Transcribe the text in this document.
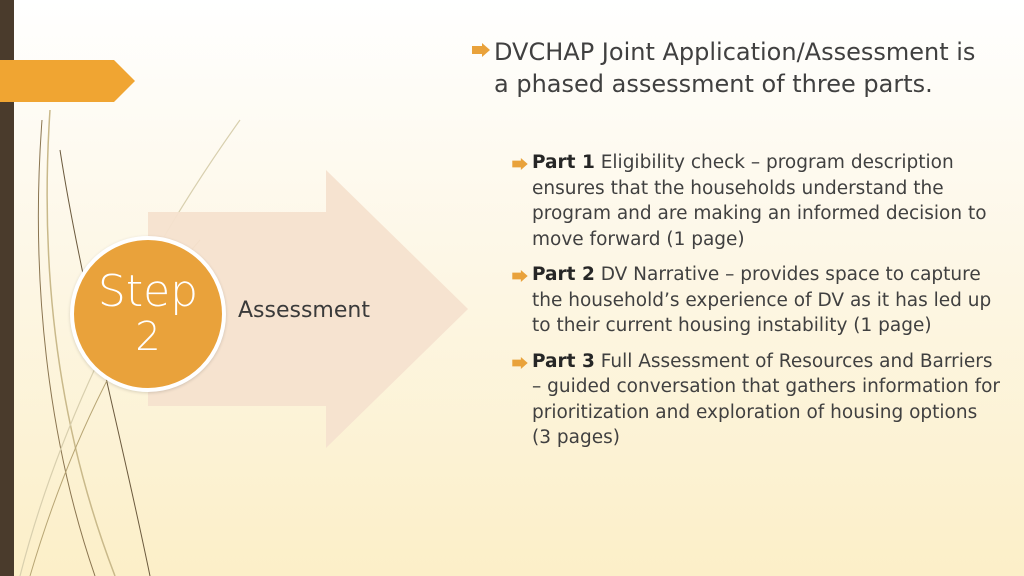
Step
2
Assessment
DVCHAP Joint Application/Assessment is a phased assessment of three parts.
Part 1 Eligibility check – program description ensures that the households understand the program and are making an informed decision to move forward (1 page)
Part 2 DV Narrative – provides space to capture the household’s experience of DV as it has led up to their current housing instability (1 page)
Part 3 Full Assessment of Resources and Barriers – guided conversation that gathers information for prioritization and exploration of housing options (3 pages)
